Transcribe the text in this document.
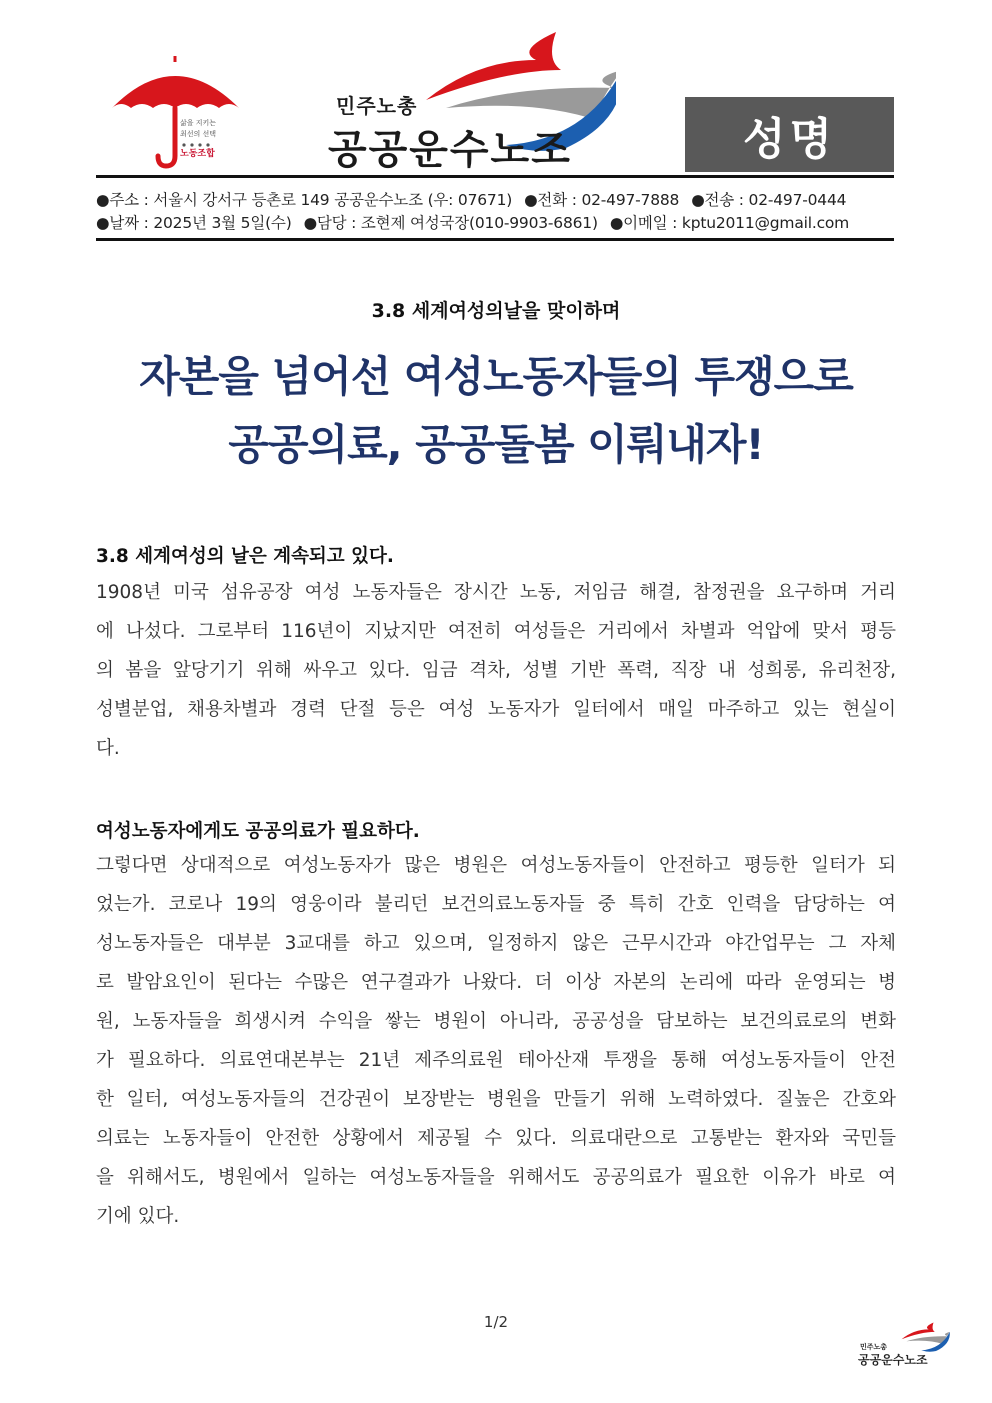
삶을 지키는
최선의 선택
노동조합
민주노총
공공운수노조	성명
●주소 : 서울시 강서구 등촌로 149 공공운수노조 (우: 07671) ●전화 : 02-497-7888 ●전송 : 02-497-0444
●날짜 : 2025년 3월 5일(수) ●담당 : 조현제 여성국장(010-9903-6861) ●이메일 : kptu2011@gmail.com
3.8 세계여성의날을 맞이하며
자본을 넘어선 여성노동자들의 투쟁으로
공공의료, 공공돌봄 이뤄내자!
3.8 세계여성의 날은 계속되고 있다.
1908년 미국 섬유공장 여성 노동자들은 장시간 노동, 저임금 해결, 참정권을 요구하며 거리
에 나섰다. 그로부터 116년이 지났지만 여전히 여성들은 거리에서 차별과 억압에 맞서 평등
의 봄을 앞당기기 위해 싸우고 있다. 임금 격차, 성별 기반 폭력, 직장 내 성희롱, 유리천장,
성별분업, 채용차별과 경력 단절 등은 여성 노동자가 일터에서 매일 마주하고 있는 현실이
다.
여성노동자에게도 공공의료가 필요하다.
그렇다면 상대적으로 여성노동자가 많은 병원은 여성노동자들이 안전하고 평등한 일터가 되
었는가. 코로나 19의 영웅이라 불리던 보건의료노동자들 중 특히 간호 인력을 담당하는 여
성노동자들은 대부분 3교대를 하고 있으며, 일정하지 않은 근무시간과 야간업무는 그 자체
로 발암요인이 된다는 수많은 연구결과가 나왔다. 더 이상 자본의 논리에 따라 운영되는 병
원, 노동자들을 희생시켜 수익을 쌓는 병원이 아니라, 공공성을 담보하는 보건의료로의 변화
가 필요하다. 의료연대본부는 21년 제주의료원 테아산재 투쟁을 통해 여성노동자들이 안전
한 일터, 여성노동자들의 건강권이 보장받는 병원을 만들기 위해 노력하였다. 질높은 간호와
의료는 노동자들이 안전한 상황에서 제공될 수 있다. 의료대란으로 고통받는 환자와 국민들
을 위해서도, 병원에서 일하는 여성노동자들을 위해서도 공공의료가 필요한 이유가 바로 여
기에 있다.
1/2
민주노총
공공운수노조
